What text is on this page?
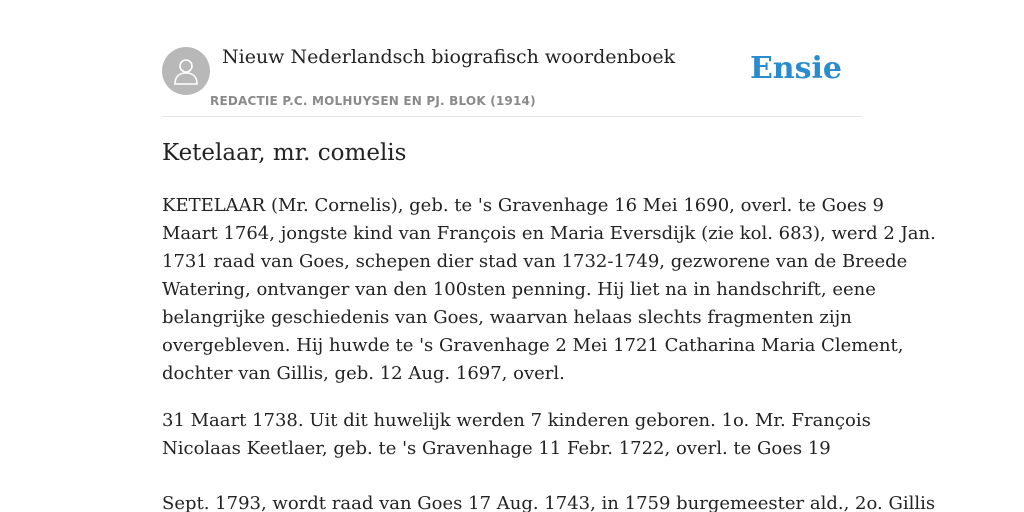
Nieuw Nederlandsch biografisch woordenboek
REDACTIE P.C. MOLHUYSEN EN PJ. BLOK (1914)
Ensie
Ketelaar, mr. comelis

KETELAAR (Mr. Cornelis), geb. te 's Gravenhage 16 Mei 1690, overl. te Goes 9

Maart 1764, jongste kind van François en Maria Eversdijk (zie kol. 683), werd 2 Jan.

1731 raad van Goes, schepen dier stad van 1732-1749, gezworene van de Breede

Watering, ontvanger van den 100sten penning. Hij liet na in handschrift, eene

belangrijke geschiedenis van Goes, waarvan helaas slechts fragmenten zijn

overgebleven. Hij huwde te 's Gravenhage 2 Mei 1721 Catharina Maria Clement,

dochter van Gillis, geb. 12 Aug. 1697, overl.

31 Maart 1738. Uit dit huwelijk werden 7 kinderen geboren. 1o. Mr. François

Nicolaas Keetlaer, geb. te 's Gravenhage 11 Febr. 1722, overl. te Goes 19

Sept. 1793, wordt raad van Goes 17 Aug. 1743, in 1759 burgemeester ald., 2o. Gillis
